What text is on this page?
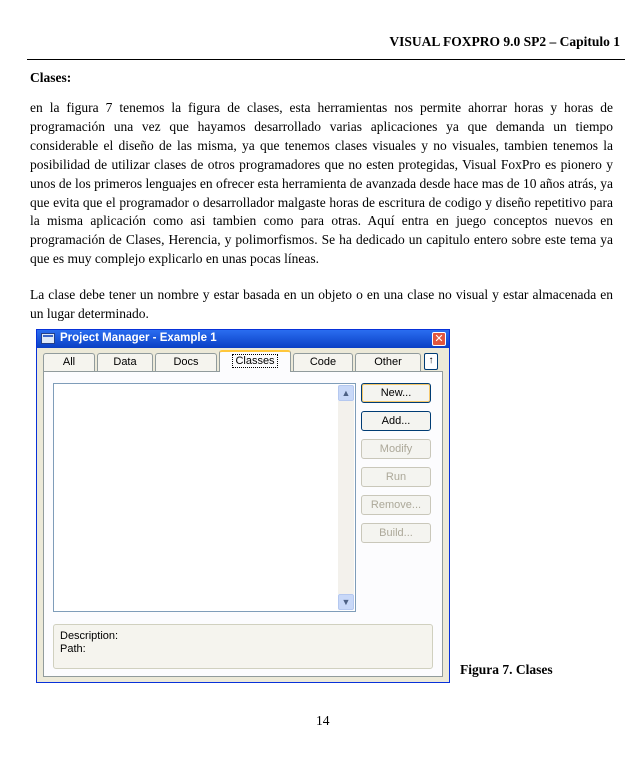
VISUAL FOXPRO 9.0 SP2 – Capitulo 1
Clases:

en la figura 7 tenemos la figura de clases, esta herramientas nos permite ahorrar horas y horas de programación una vez que hayamos desarrollado varias aplicaciones ya que demanda un tiempo considerable el diseño de las misma, ya que tenemos clases visuales y no visuales, tambien tenemos la posibilidad de utilizar clases de otros programadores que no esten protegidas, Visual FoxPro es pionero y unos de los primeros lenguajes en ofrecer esta herramienta de avanzada desde hace mas de 10 años atrás, ya que evita que el programador o desarrollador malgaste horas de escritura de codigo y diseño repetitivo para la misma aplicación como asi tambien como para otras. Aquí entra en juego conceptos nuevos en programación de Clases, Herencia, y polimorfismos. Se ha dedicado un capitulo entero sobre este tema ya que es muy complejo explicarlo en unas pocas líneas.

La clase debe tener un nombre y estar basada en un objeto o en una clase no visual y estar almacenada en un lugar determinado.

Project Manager - Example 1	✕
All	Data	Docs	Classes	Code	Other	↑
▲
▼
New...
Add...
Modify
Run
Remove...
Build...
Description:
Path:
Figura 7. Clases
14
